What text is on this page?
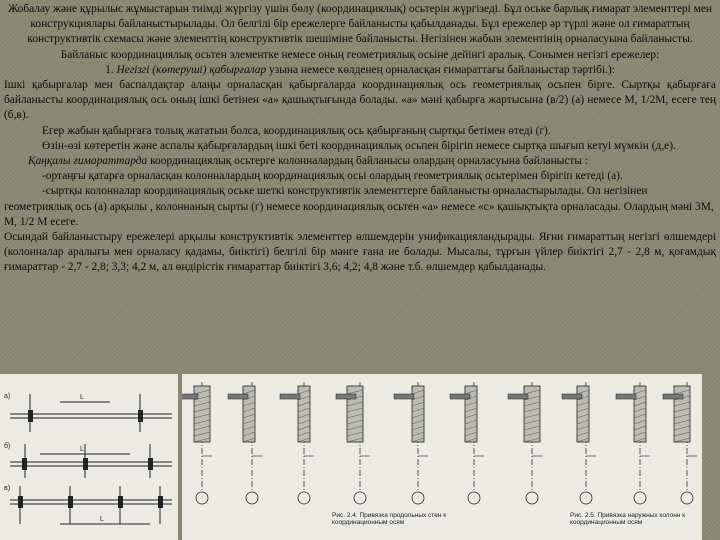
Жобалау және құрылыс жұмыстарын тиімді жүргізу үшін бөлу (координациялық) осьтерін жүргізеді. Бұл оське барлық ғимарат элементтері мен конструкциялары байланыстырылады. Ол белгілі бір ережелерге байланысты қабылданады. Бұл ережелер әр түрлі және ол ғимараттың конструктивтік схемасы және элементтің конструктивтік шешіміне байланысты. Негізінен жабын элементінің орналасуына байланысты. Байланыс координациялық осьтен элементке немесе оның геометриялық осьіне дейінгі аралық. Сонымен негізгі ережелер:

1. Негізгі (көтеруші) қабырғалар узына немесе көлденең орналасқан ғимараттағы байланыстар тәртібі.):

Ішкі қабырғалар мен баспалдақтар алаңы орналасқан қабырғаларда координациялық ось геометриялық осьпен бірге. Сыртқы қабырғаға байланысты координациялық ось оның ішкі бетінен «а» қашықтығында болады. «а» мәні қабырға жартысына (в/2) (а) немесе М, 1/2М, есеге тең (б,в).

Егер жабын қабырғаға толық жататын болса, координациялық ось қабырғаның сыртқы бетімен өтеді (г).

Өзін-өзі көтеретін және аспалы қабырғалардың ішкі беті координациялық осьпен бірігіп немесе сыртқа шығып кетуі мүмкін (д,е).

Қаңқалы ғимараттарда координациялық осьтерге колонналардың байланысы олардың орналасуына байланысты :

-ортаңғы қатарға орналасқан колонналардың координациялық осьі олардың геометриялық осьтерімен бірігіп кетеді (а).

-сыртқы колонналар координациялық оське шеткі конструктивтік элементтерге байланысты орналастырылады. Ол негізінен геометриялық ось (а) арқылы , колоннаның сырты (г) немесе координациялық осьтен «а» немесе «с» қашықтықта орналасады. Олардың мәні 3М, М, 1/2 М есеге.

Осындай байланыстыру ережелері арқылы конструктивтік элементтер өлшемдерін унификацияландырады. Яғни ғимараттың негізгі өлшемдері (колонналар аралығы мен орналасу қадамы, биіктігі) белгілі бір мәнге ғана ие болады. Мысалы, тұрғын үйлер биіктігі 2,7 - 2,8 м, қоғамдық ғимараттар - 2,7 - 2,8; 3,3; 4,2 м, ал өндірістік ғимараттар биіктігі 3,6; 4,2; 4,8 және т.б. өлшемдер қабылданады.

а)
б)
в)
L
L
L
Рис. 2.4. Привязка продольных стен к координационным осям
Рис. 2.5. Привязка наружных колонн к координационным осям
